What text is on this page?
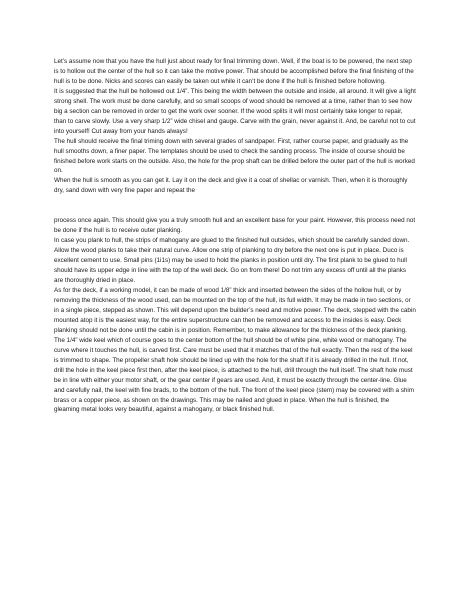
Let’s assume now that you have the hull just about ready for final trimming down. Well, if the boat is to be powered, the next step is to hollow out the center of the hull so it can take the motive power. That should be accomplished before the final finishing of the hull is to be done. Nicks and scores can easily be taken out while it can’t be done if the hull is finished before hollowing.

It is suggested that the hull be hollowed out 1/4”. This being the width between the outside and inside, all around. It will give a light strong shell. The work must be done carefully, and so small scoops of wood should be removed at a time, rather than to see how big a section can be removed in order to get the work over sooner. If the wood splits it will most certainly take longer to repair, than to carve slowly. Use a very sharp 1/2” wide chisel and gauge. Carve with the grain, never against it. And, be careful not to cut into yourself! Cut away from your hands always!

The hull should receive the final triming down with several grades of sandpaper. First, rather course paper, and gradually as the hull smooths down, a finer paper. The templates should be used to check the sanding process. The inside of course should be finished before work starts on the outside. Also, the hole for the prop shaft can be drilled before the outer part of the hull is worked on.

When the hull is smooth as you can get it. Lay it on the deck and give it a coat of shellac or varnish. Then, when it is thoroughly dry, sand down with very fine paper and repeat the

process once again. This should give you a truly smooth hull and an excellent base for your paint. However, this process need not be done if the hull is to receive outer planking.

In case you plank to hull, the strips of mahogany are glued to the finished hull outsides, which should be carefully sanded down. Allow the wood planks to take their natural curve. Allow one strip of planking to dry before the next one is put in place. Duco is excellent cement to use. Small pins (1i1s) may be used to hold the planks in position until dry. The first plank to be glued to hull should have its upper edge in line with the top of the well deck. Go on from there! Do not trim any excess off until all the planks are thoroughly dried in place.

As for the deck, if a working model, it can be made of wood 1/8” thick and inserted between the sides of the hollow hull, or by removing the thickness of the wood used, can be mounted on the top of the hull, its full width. It may be made in two sections, or in a single piece, stepped as shown. This will depend upon the builder’s need and motive power. The deck, stepped with the cabin mounted atop it is the easiest way, for the entire superstructure can then be removed and access to the insides is easy. Deck planking should not be done until the cabin is in position. Remember, to make allowance for the thickness of the deck planking.

The 1/4” wide keel which of course goes to the center bottom of the hull should be of white pine, white wood or mahogany. The curve where it touches the hull, is carved first. Care must be used that it matches that of the hull exactly. Then the rest of the keel is trimmed to shape. The propeller shaft hole should be lined up with the hole for the shaft if it is already drilled in the hull. If not, drill the hole in the keel piece first then, after the keel piece, is attached to the hull, drill through the hull itself. The shaft hole must be in line with either your motor shaft, or the gear center if gears are used. And, it must be exactly through the center-line. Glue and carefully nail, the keel with fine brads, to the bottom of the hull. The front of the keel piece (stem) may be covered with a shim brass or a copper piece, as shown on the drawings. This may be nailed and glued in place. When the hull is finished, the gleaming metal looks very beautiful, against a mahogany, or black finished hull.
